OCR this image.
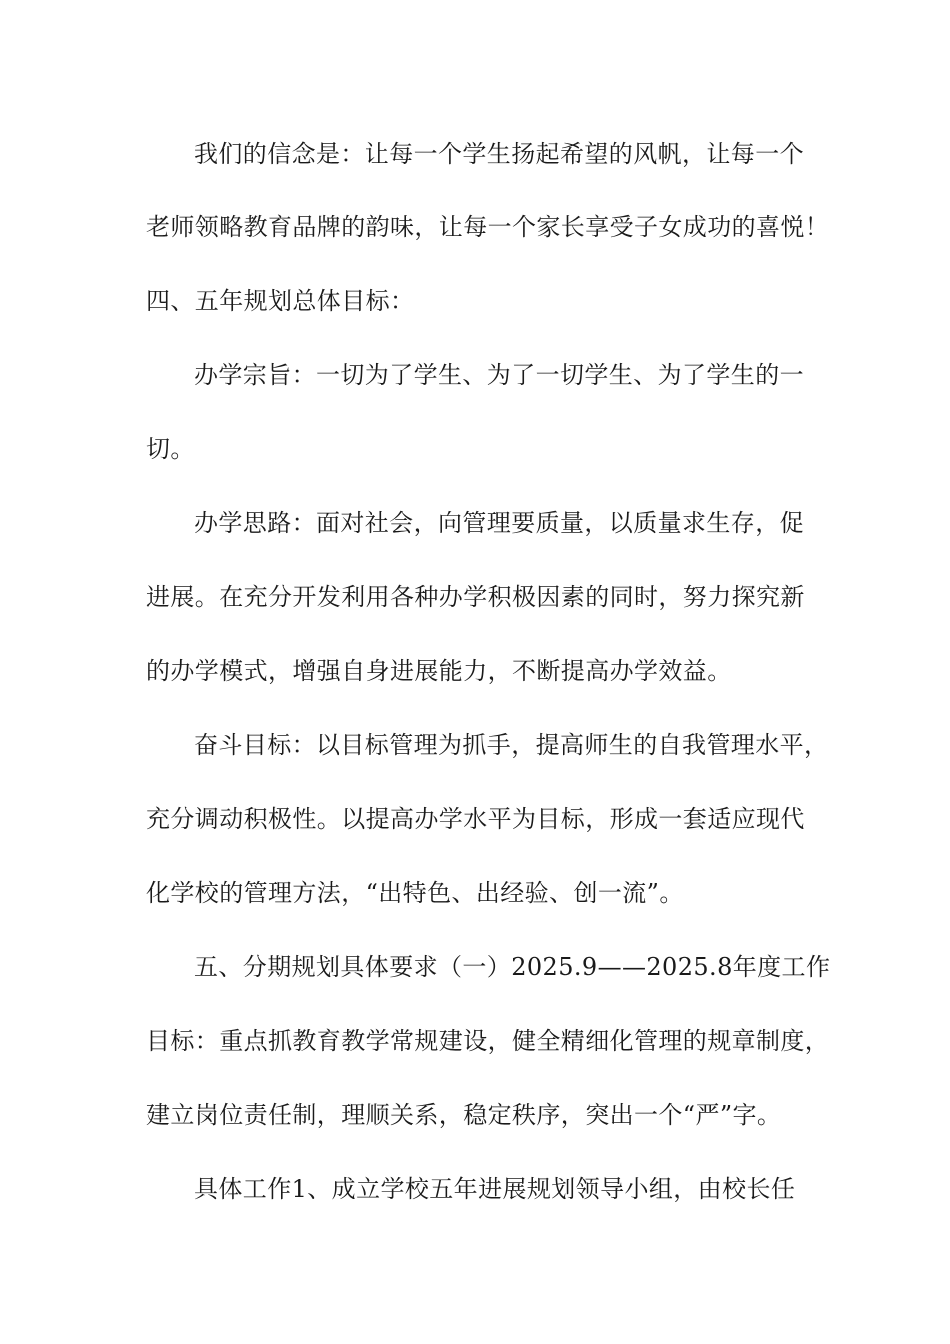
我们的信念是：让每一个学生扬起希望的风帆，让每一个
老师领略教育品牌的韵味，让每一个家长享受子女成功的喜悦！
四、五年规划总体目标：
办学宗旨：一切为了学生、为了一切学生、为了学生的一
切。
办学思路：面对社会，向管理要质量，以质量求生存，促
进展。在充分开发利用各种办学积极因素的同时，努力探究新
的办学模式，增强自身进展能力，不断提高办学效益。
奋斗目标：以目标管理为抓手，提高师生的自我管理水平，
充分调动积极性。以提高办学水平为目标，形成一套适应现代
化学校的管理方法，“出特色、出经验、创一流”。
五、分期规划具体要求（一）2025.9——2025.8年度工作
目标：重点抓教育教学常规建设，健全精细化管理的规章制度，
建立岗位责任制，理顺关系，稳定秩序，突出一个“严”字。
具体工作1、成立学校五年进展规划领导小组，由校长任
